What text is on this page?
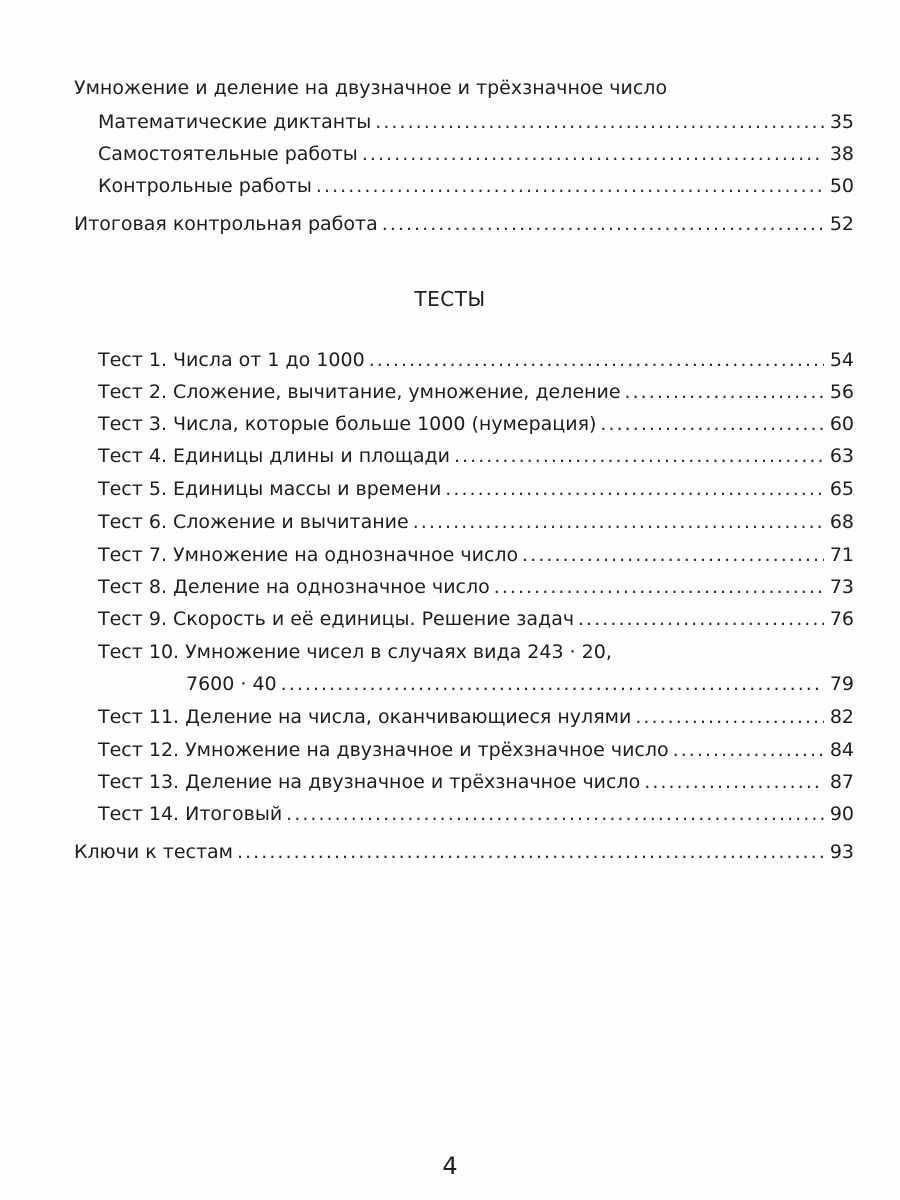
Умножение и деление на двузначное и трёхзначное число
Математические диктанты . . .	35
Самостоятельные работы . . .	38
Контрольные работы . . .	50
Итоговая контрольная работа . . .	52
ТЕСТЫ
Тест 1. Числа от 1 до 1000 . . .	54
Тест 2. Сложение, вычитание, умножение, деление . . .	56
Тест 3. Числа, которые больше 1000 (нумерация) . . .	60
Тест 4. Единицы длины и площади . . .	63
Тест 5. Единицы массы и времени . . .	65
Тест 6. Сложение и вычитание . . .	68
Тест 7. Умножение на однозначное число . . .	71
Тест 8. Деление на однозначное число . . .	73
Тест 9. Скорость и её единицы. Решение задач . . .	76
Тест 10. Умножение чисел в случаях вида 243 · 20,
7600 · 40 . . .	79
Тест 11. Деление на числа, оканчивающиеся нулями . . .	82
Тест 12. Умножение на двузначное и трёхзначное число . . .	84
Тест 13. Деление на двузначное и трёхзначное число . . .	87
Тест 14. Итоговый . . .	90
Ключи к тестам . . .	93
4
